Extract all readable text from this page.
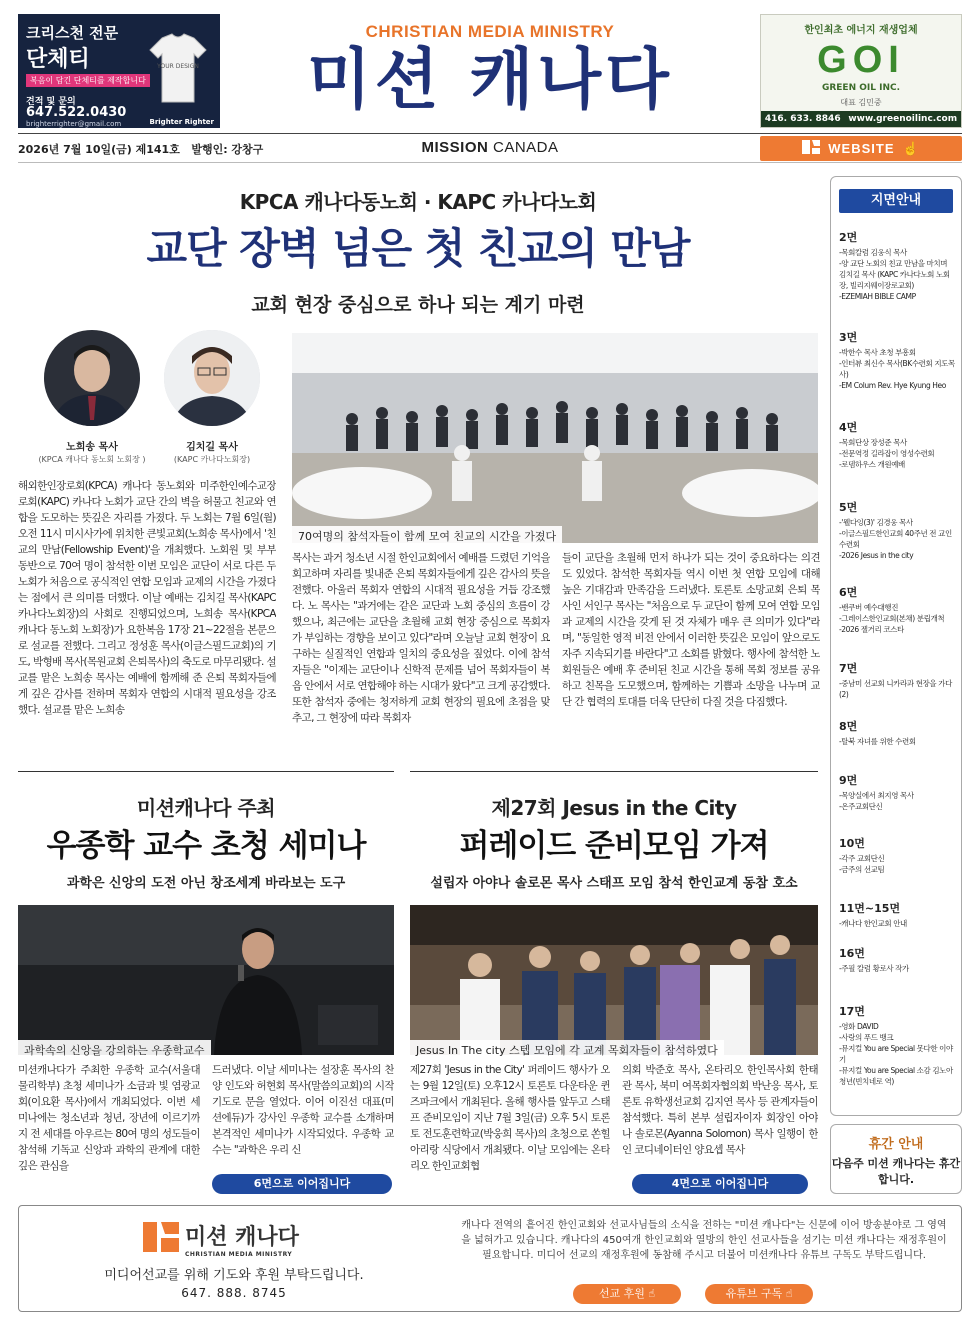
크리스천 전문
단체티
복음이 담긴 단체티를 제작합니다
견적 및 문의
647.522.0430
brighterrighter@gmail.com
YOUR DESIGN
Brighter Righter
CHRISTIAN MEDIA MINISTRY
미션 캐나다
한인최초 에너지 재생업체
GOI
GREEN OIL INC.
대표 김민중
416. 633. 8846 www.greenoilinc.com
2026년 7월 10일(금) 제141호   발행인: 강창구	MISSION CANADA	WEBSITE ☝
지면안내
2면
-목회칼럼 김웅식 목사
-양 교단 노회의 친교 만남을 마치며 김치길 목사 (KAPC 카나다노회 노회장, 빌리지웨이장로교회)
-EZEMIAH BIBLE CAMP
3면
-박한수 목사 초청 부흥회
-인터뷰 최신수 목사(BK수련회 지도목사)
-EM Colum Rev. Hye Kyung Heo
4면
-목회단상 장성준 목사
-전문역정 길라잡이 영성수련회
-로뎀하우스 개원예배
5면
-'웰다잉(3)' 김경웅 목사
-이글스필드한인교회 40주년 전 교인수련회
-2026 Jesus in the city
6면
-밴쿠버 예수대행진
-그레이스한인교회(본채) 분립개척
-2026 젤거리 코스타
7면
-중남미 선교회 니카라과 현장을 가다(2)
8면
-탈북 자녀를 위한 수련회
9면
-목양실에서 최지영 목사
-온주교회단신
10면
-각주 교회단신
-금주의 선교팀
11면~15면
-캐나다 한인교회 안내
16면
-주필 칼럼 황로사 작가
17면
-영화 DAVID
-사랑의 푸드 뱅크
-뮤지컬 You are Special 못다한 이야기
-뮤지컬 You are Special 소감 김노아 청년(빈치네로 역)
휴간 안내
다음주 미션 캐나다는 휴간합니다.
KPCA 캐나다동노회 · KAPC 카나다노회
교단 장벽 넘은 첫 친교의 만남
교회 현장 중심으로 하나 되는 계기 마련
노희송 목사
(KPCA 캐나다 동노회 노회장 )
김치길 목사
(KAPC 카나다노회장)
70여명의 참석자들이 함께 모여 친교의 시간을 가졌다
해외한인장로회(KPCA) 캐나다 동노회와 미주한인예수교장로회(KAPC) 카나다 노회가 교단 간의 벽을 허물고 친교와 연합을 도모하는 뜻깊은 자리를 가졌다. 두 노회는 7월 6일(월) 오전 11시 미시사가에 위치한 큰빛교회(노희송 목사)에서 '친교의 만남(Fellowship Event)'을 개최했다. 노회원 및 부부 동반으로 70여 명이 참석한 이번 모임은 교단이 서로 다른 두 노회가 처음으로 공식적인 연합 모임과 교제의 시간을 가졌다는 점에서 큰 의미를 더했다. 이날 예배는 김치길 목사(KAPC 카나다노회장)의 사회로 진행되었으며, 노희송 목사(KPCA 캐나다 동노회 노회장)가 요한복음 17장 21~22절을 본문으로 설교를 전했다. 그리고 정성훈 목사(이글스필드교회)의 기도, 박형배 목사(목원교회 은퇴목사)의 축도로 마무리됐다. 설교를 맡은 노희송 목사는 예배에 함께해 준 은퇴 목회자들에게 깊은 감사를 전하며 목회자 연합의 시대적 필요성을 강조했다. 설교를 맡은 노희송
목사는 과거 청소년 시절 한인교회에서 예배를 드렸던 기억을 회고하며 자리를 빛내준 은퇴 목회자들에게 깊은 감사의 뜻을 전했다. 아울러 목회자 연합의 시대적 필요성을 거듭 강조했다. 노 목사는 "과거에는 같은 교단과 노회 중심의 흐름이 강했으나, 최근에는 교단을 초월해 교회 현장 중심으로 목회자가 부임하는 경향을 보이고 있다"라며 오늘날 교회 현장이 요구하는 실질적인 연합과 일치의 중요성을 짚었다. 이에 참석자들은 "이제는 교단이나 신학적 문제를 넘어 목회자들이 복음 안에서 서로 연합해야 하는 시대가 왔다"고 크게 공감했다. 또한 참석자 중에는 청저하게 교회 현장의 필요에 초점을 맞추고, 그 현장에 따라 목회자
들이 교단을 초월해 먼저 하나가 되는 것이 중요하다는 의견도 있었다. 참석한 목회자들 역시 이번 첫 연합 모임에 대해 높은 기대감과 만족감을 드러냈다. 토론토 소망교회 은퇴 목사인 서인구 목사는 "처음으로 두 교단이 함께 모여 연합 모임과 교제의 시간을 갖게 된 것 자체가 매우 큰 의미가 있다"라며, "동일한 영적 비전 안에서 이러한 뜻깊은 모임이 앞으로도 자주 지속되기를 바란다"고 소회를 밝혔다. 행사에 참석한 노회원들은 예배 후 준비된 친교 시간을 통해 목회 정보를 공유하고 친목을 도모했으며, 함께하는 기쁨과 소망을 나누며 교단 간 협력의 토대를 더욱 단단히 다질 것을 다짐했다.
미션캐나다 주최
우종학 교수 초청 세미나
과학은 신앙의 도전 아닌 창조세계 바라보는 도구
과학속의 신앙을 강의하는 우종학교수
미션캐나다가 주최한 우종학 교수(서울대 물리학부) 초청 세미나가 소금과 빛 염광교회(이요환 목사)에서 개최되었다. 이번 세미나에는 청소년과 청년, 장년에 이르기까지 전 세대를 아우르는 80여 명의 성도들이 참석해 기독교 신앙과 과학의 관계에 대한 깊은 관심을
드러냈다. 이날 세미나는 설장훈 목사의 찬양 인도와 허현회 목사(말씀의교회)의 시작 기도로 문을 열었다. 이어 이진선 대표(미션에듀)가 강사인 우종학 교수를 소개하며 본격적인 세미나가 시작되었다. 우종학 교수는 "과학은 우리 신
6면으로 이어집니다
제27회 Jesus in the City
퍼레이드 준비모임 가져
설립자 아야나 솔로몬 목사 스태프 모임 참석 한인교계 동참 호소
Jesus In The city 스텝 모임에 각 교계 목회자들이 참석하였다
제27회 'Jesus in the City' 퍼레이드 행사가 오는 9월 12일(토) 오후12시 토론토 다운타운 퀸즈파크에서 개최된다. 올해 행사를 앞두고 스태프 준비모임이 지난 7월 3일(금) 오후 5시 토론토 전도훈련학교(박웅희 목사)의 초청으로 쏜힐 아리랑 식당에서 개최됐다. 이날 모임에는 온타리오 한인교회협
의회 박준호 목사, 온타리오 한인목사회 한태관 목사, 북미 여목회자협의회 박난응 목사, 토론토 유학생선교회 김지연 목사 등 관계자들이 참석했다. 특히 본부 설립자이자 회장인 아야나 솔로몬(Ayanna Solomon) 목사 일행이 한인 코디네이터인 양요셉 목사
4면으로 이어집니다
미션 캐나다
CHRISTIAN MEDIA MINISTRY
미디어선교를 위해 기도와 후원 부탁드립니다.
647. 888. 8745
캐나다 전역의 흩어진 한인교회와 선교사님들의 소식을 전하는 "미션 캐나다"는 신문에 이어 방송분야로 그 영역을 넓혀가고 있습니다. 캐나다의 450여개 한인교회와 열방의 한인 선교사들을 섬기는 미션 캐나다는 재정후원이 필요합니다. 미디어 선교의 재정후원에 동참해 주시고 더불어 미션캐나다 유튜브 구독도 부탁드립니다.
선교 후원 ☝	유튜브 구독 ☝
